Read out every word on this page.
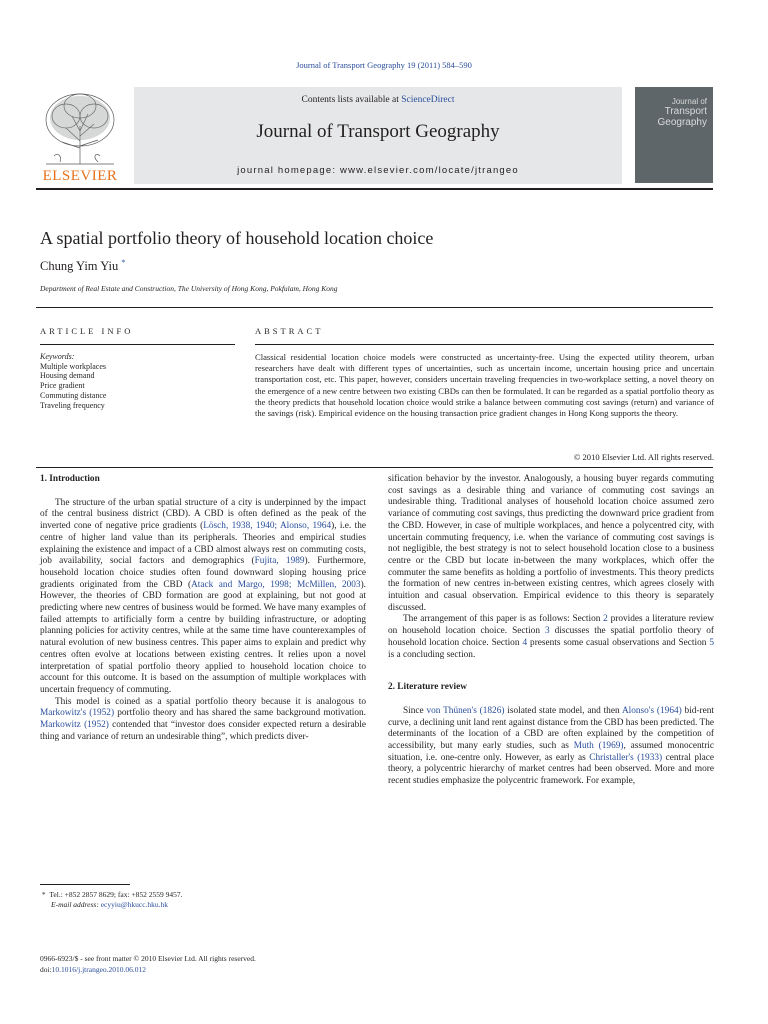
Journal of Transport Geography 19 (2011) 584–590
ELSEVIER
Contents lists available at ScienceDirect
Journal of Transport Geography
journal homepage: www.elsevier.com/locate/jtrangeo
Journal of
Transport
Geography
A spatial portfolio theory of household location choice
Chung Yim Yiu *
Department of Real Estate and Construction, The University of Hong Kong, Pokfulam, Hong Kong
ARTICLE INFO	ABSTRACT
Keywords:
Multiple workplaces
Housing demand
Price gradient
Commuting distance
Traveling frequency
Classical residential location choice models were constructed as uncertainty-free. Using the expected utility theorem, urban researchers have dealt with different types of uncertainties, such as uncertain income, uncertain housing price and uncertain transportation cost, etc. This paper, however, considers uncertain traveling frequencies in two-workplace setting, a novel theory on the emergence of a new centre between two existing CBDs can then be formulated. It can be regarded as a spatial portfolio theory as the theory predicts that household location choice would strike a balance between commuting cost savings (return) and variance of the savings (risk). Empirical evidence on the housing transaction price gradient changes in Hong Kong supports the theory.
© 2010 Elsevier Ltd. All rights reserved.
1. Introduction

The structure of the urban spatial structure of a city is underpinned by the impact of the central business district (CBD). A CBD is often defined as the peak of the inverted cone of negative price gradients (Lösch, 1938, 1940; Alonso, 1964), i.e. the centre of higher land value than its peripherals. Theories and empirical studies explaining the existence and impact of a CBD almost always rest on commuting costs, job availability, social factors and demographics (Fujita, 1989). Furthermore, household location choice studies often found downward sloping housing price gradients originated from the CBD (Atack and Margo, 1998; McMillen, 2003). However, the theories of CBD formation are good at explaining, but not good at predicting where new centres of business would be formed. We have many examples of failed attempts to artificially form a centre by building infrastructure, or adopting planning policies for activity centres, while at the same time have counterexamples of natural evolution of new business centres. This paper aims to explain and predict why centres often evolve at locations between existing centres. It relies upon a novel interpretation of spatial portfolio theory applied to household location choice to account for this outcome. It is based on the assumption of multiple workplaces with uncertain frequency of commuting.

This model is coined as a spatial portfolio theory because it is analogous to Markowitz's (1952) portfolio theory and has shared the same background motivation. Markowitz (1952) contended that “investor does consider expected return a desirable thing and variance of return an undesirable thing”, which predicts diver-

sification behavior by the investor. Analogously, a housing buyer regards commuting cost savings as a desirable thing and variance of commuting cost savings an undesirable thing. Traditional analyses of household location choice assumed zero variance of commuting cost savings, thus predicting the downward price gradient from the CBD. However, in case of multiple workplaces, and hence a polycentred city, with uncertain commuting frequency, i.e. when the variance of commuting cost savings is not negligible, the best strategy is not to select household location close to a business centre or the CBD but locate in-between the many workplaces, which offer the commuter the same benefits as holding a portfolio of investments. This theory predicts the formation of new centres in-between existing centres, which agrees closely with intuition and casual observation. Empirical evidence to this theory is separately discussed.

The arrangement of this paper is as follows: Section 2 provides a literature review on household location choice. Section 3 discusses the spatial portfolio theory of household location choice. Section 4 presents some casual observations and Section 5 is a concluding section.

2. Literature review

Since von Thünen's (1826) isolated state model, and then Alonso's (1964) bid-rent curve, a declining unit land rent against distance from the CBD has been predicted. The determinants of the location of a CBD are often explained by the competition of accessibility, but many early studies, such as Muth (1969), assumed monocentric situation, i.e. one-centre only. However, as early as Christaller's (1933) central place theory, a polycentric hierarchy of market centres had been observed. More and more recent studies emphasize the polycentric framework. For example,

* Tel.: +852 2857 8629; fax: +852 2559 9457.
E-mail address: ecyyiu@hkucc.hku.hk
0966-6923/$ - see front matter © 2010 Elsevier Ltd. All rights reserved.
doi:10.1016/j.jtrangeo.2010.06.012
